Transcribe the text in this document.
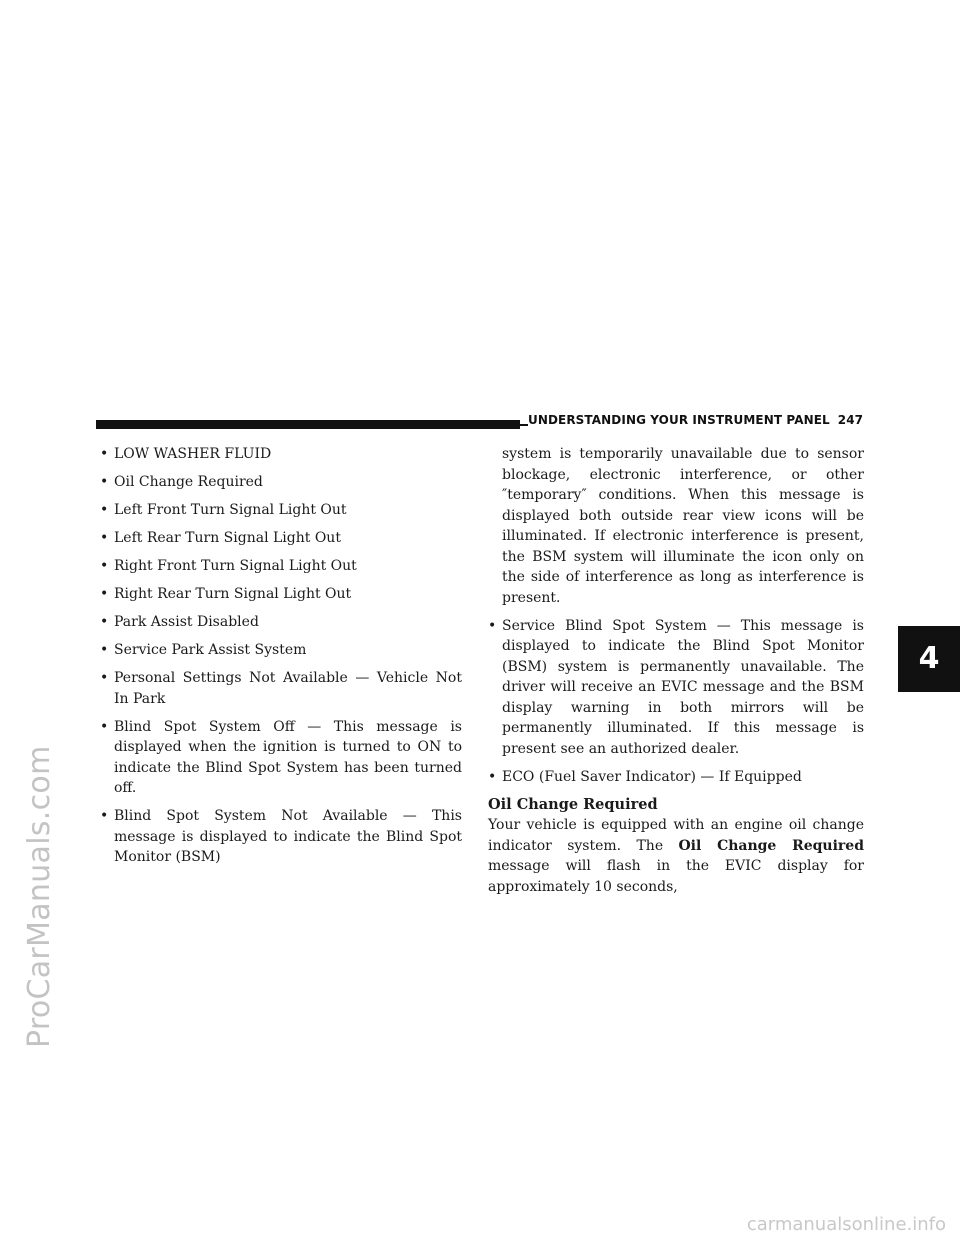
ProCarManuals.com
carmanualsonline.info
UNDERSTANDING YOUR INSTRUMENT PANEL 247
4
• LOW WASHER FLUID
• Oil Change Required
• Left Front Turn Signal Light Out
• Left Rear Turn Signal Light Out
• Right Front Turn Signal Light Out
• Right Rear Turn Signal Light Out
• Park Assist Disabled
• Service Park Assist System
• Personal Settings Not Available — Vehicle Not In Park
• Blind Spot System Off — This message is displayed when the ignition is turned to ON to indicate the Blind Spot System has been turned off.
• Blind Spot System Not Available — This message is displayed to indicate the Blind Spot Monitor (BSM)
system is temporarily unavailable due to sensor blockage, electronic interference, or other ″temporary″ conditions. When this message is displayed both outside rear view icons will be illuminated. If electronic interference is present, the BSM system will illuminate the icon only on the side of interference as long as interference is present.
• Service Blind Spot System — This message is displayed to indicate the Blind Spot Monitor (BSM) system is permanently unavailable. The driver will receive an EVIC message and the BSM display warning in both mirrors will be permanently illuminated. If this message is present see an authorized dealer.
• ECO (Fuel Saver Indicator) — If Equipped
Oil Change Required
Your vehicle is equipped with an engine oil change indicator system. The Oil Change Required message will flash in the EVIC display for approximately 10 seconds,
